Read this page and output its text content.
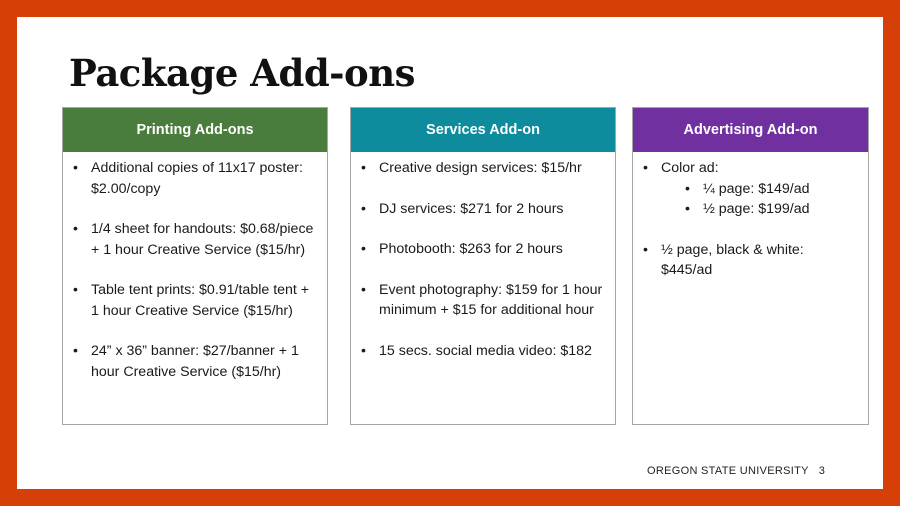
Package Add-ons
Printing Add-ons
• Additional copies of 11x17 poster: $2.00/copy
• 1/4 sheet for handouts: $0.68/piece + 1 hour Creative Service ($15/hr)
• Table tent prints: $0.91/table tent + 1 hour Creative Service ($15/hr)
• 24” x 36” banner: $27/banner + 1 hour Creative Service ($15/hr)
Services Add-on
• Creative design services: $15/hr
• DJ services: $271 for 2 hours
• Photobooth: $263 for 2 hours
• Event photography: $159 for 1 hour minimum + $15 for additional hour
• 15 secs. social media video: $182
Advertising Add-on
• Color ad:
• ¼ page: $149/ad
• ½ page: $199/ad
• ½ page, black & white: $445/ad
OREGON STATE UNIVERSITY 3
